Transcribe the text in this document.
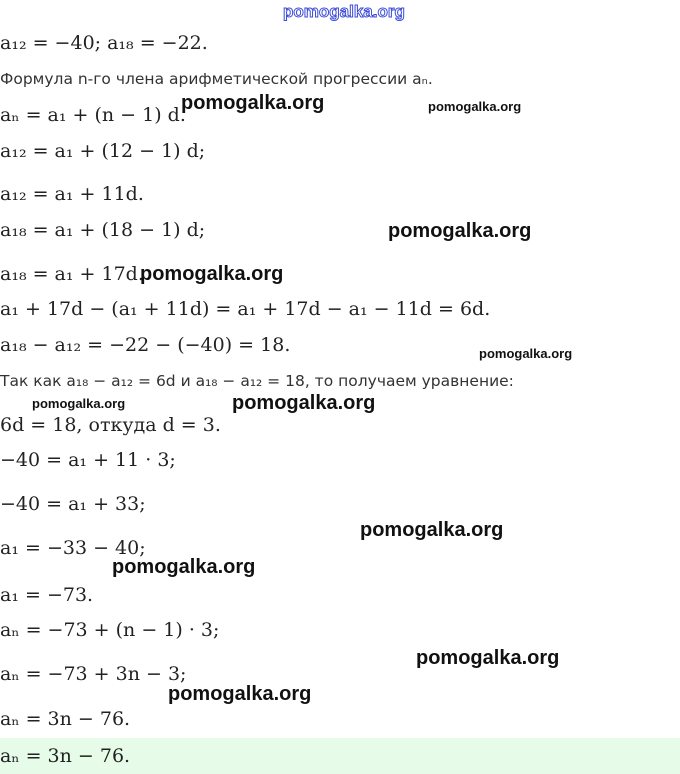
a₁₂ = −40; a₁₈ = −22.

Формула n-го члена арифметической прогрессии aₙ.

aₙ = a₁ + (n − 1) d.

a₁₂ = a₁ + (12 − 1) d;

a₁₂ = a₁ + 11d.

a₁₈ = a₁ + (18 − 1) d;

a₁₈ = a₁ + 17d.

a₁ + 17d − (a₁ + 11d) = a₁ + 17d − a₁ − 11d = 6d.

a₁₈ − a₁₂ = −22 − (−40) = 18.

Так как a₁₈ − a₁₂ = 6d и a₁₈ − a₁₂ = 18, то получаем уравнение:

6d = 18, откуда d = 3.

−40 = a₁ + 11 · 3;

−40 = a₁ + 33;

a₁ = −33 − 40;

a₁ = −73.

aₙ = −73 + (n − 1) · 3;

aₙ = −73 + 3n − 3;

aₙ = 3n − 76.

aₙ = 3n − 76.

pomogalka.org

pomogalka.org	pomogalka.org

pomogalka.org

pomogalka.org

pomogalka.org

pomogalka.org	pomogalka.org

pomogalka.org

pomogalka.org

pomogalka.org

pomogalka.org
